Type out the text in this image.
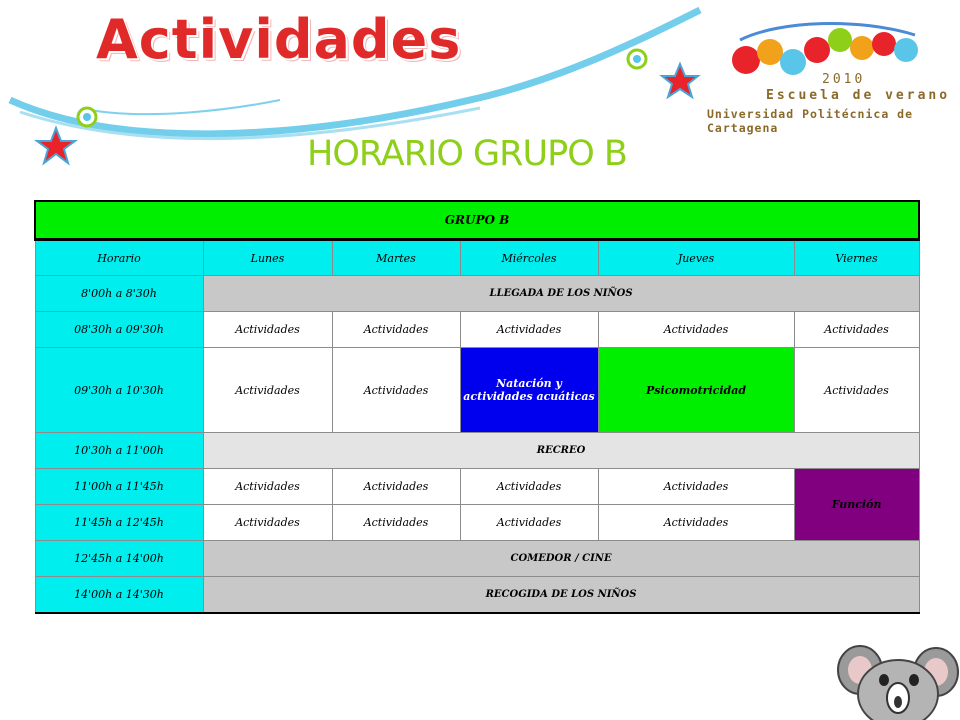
Actividades
2010
Escuela de verano
Universidad Politécnica de Cartagena
HORARIO GRUPO B
GRUPO B					
Horario	Lunes	Martes	Miércoles	Jueves	Viernes
8'00h a 8'30h	LLEGADA DE LOS NIÑOS				
08'30h a 09'30h	Actividades	Actividades	Actividades	Actividades	Actividades
09'30h a 10'30h	Actividades	Actividades	Natación y actividades acuáticas	Psicomotricidad	Actividades
10'30h a 11'00h	RECREO				
11'00h a 11'45h	Actividades	Actividades	Actividades	Actividades	Función
11'45h a 12'45h	Actividades	Actividades	Actividades	Actividades	
12'45h a 14'00h	COMEDOR / CINE				
14'00h a 14'30h	RECOGIDA DE LOS NIÑOS				
